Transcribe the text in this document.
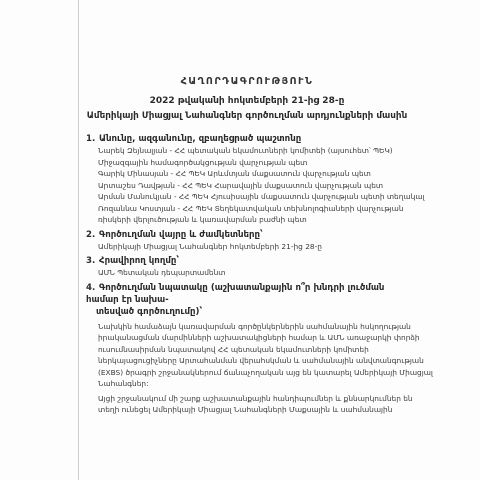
ՀԱՂՈՐԴԱԳՐՈՒԹՅՈՒՆ
2022 թվականի հոկտեմբերի 21-ից 28-ը
Ամերիկայի Միացյալ Նահանգներ գործուղման արդյունքների մասին
1. Անունը, ազգանունը, զբաղեցրած պաշտոնը
Նարեկ Զեյնալյան - ՀՀ պետական եկամուտների կոմիտեի (այսուհետ՝ ՊԵԿ)
Միջազգային համագործակցության վարչության պետ
Գարիկ Մինասյան - ՀՀ ՊԵԿ Արևմտյան մաքսատուն վարչության պետ
Արտաշես Դավթյան - ՀՀ ՊԵԿ Հարավային մաքսատուն վարչության պետ
Արման Մանուկյան - ՀՀ ՊԵԿ Հյուսիսային մաքսատուն վարչության պետի տեղակալ
Ռոզաննա Կոստյան - ՀՀ ՊԵԿ Տեղեկատվական տեխնոլոգիաների վարչության
ռիսկերի վերլուծության և կառավարման բաժնի պետ
2. Գործուղման վայրը և ժամկետները՝
Ամերիկայի Միացյալ Նահանգներ հոկտեմբերի 21-ից 28-ը
3. Հրավիրող կողմը՝
ԱՄՆ Պետական դեպարտամենտ
4. Գործուղման նպատակը (աշխատանքային ո՞ր խնդրի լուծման համար էր նախա-
տեսված գործուղումը)՝
Նախկին համաձայն կառավարման գործընկերներին սահմանային հսկողության
իրականացման մարմինների աշխատակիցների համար և ԱՄՆ առաջարկի փորձի
ուսումնասիրման նպատակով ՀՀ պետական եկամուտների կոմիտեի
ներկայացուցիչները Արտահանման վերահսկման և սահմանային անվտանգության
(EXBS) ծրագրի շրջանակներում ճանաչողական այց են կատարել Ամերիկայի Միացյալ
Նահանգներ:
Այցի շրջանակում մի շարք աշխատանքային հանդիպումներ և քննարկումներ են
տեղի ունեցել Ամերիկայի Միացյալ Նահանգների Մաքսային և սահմանային
